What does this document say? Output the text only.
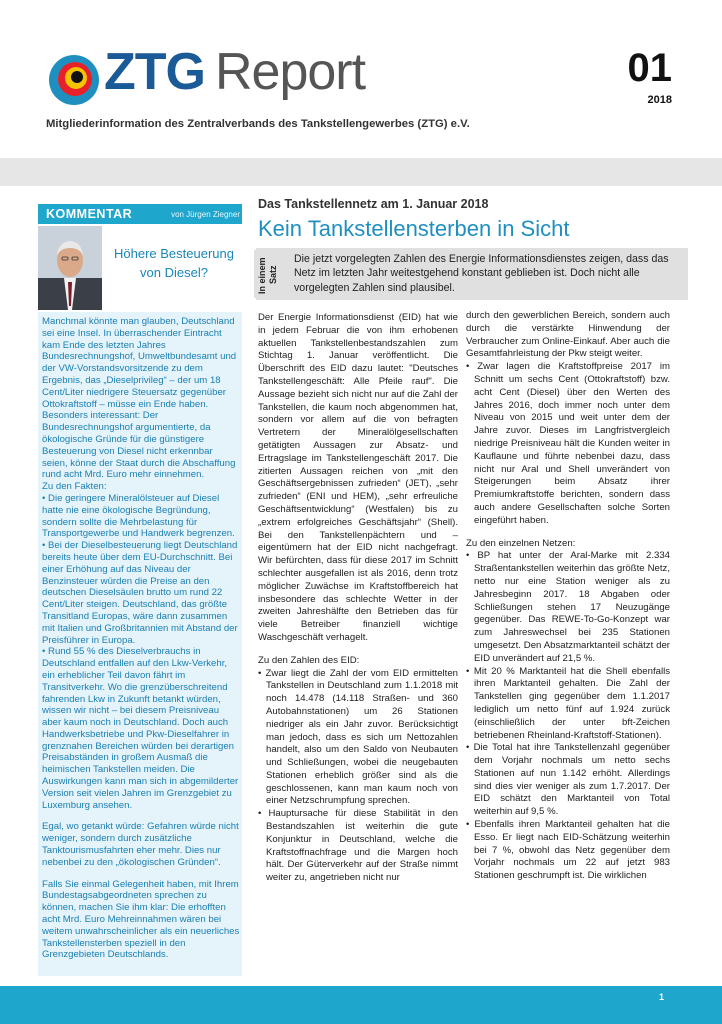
ZTG Report	01
2018
Mitgliederinformation des Zentralverbands des Tankstellengewerbes (ZTG) e.V.
KOMMENTAR	von Jürgen Ziegner
Höhere Besteuerung von Diesel?

Manchmal könnte man glauben, Deutschland sei eine Insel. In überraschender Eintracht kam Ende des letzten Jahres Bundesrechnungshof, Umweltbundesamt und der VW-Vorstandsvorsitzende zu dem Ergebnis, das „Dieselprivileg“ – der um 18 Cent/Liter niedrigere Steuersatz gegenüber Ottokraftstoff – müsse ein Ende haben. Besonders interessant: Der Bundesrechnungshof argumentierte, da ökologische Gründe für die günstigere Besteuerung von Diesel nicht erkennbar seien, könne der Staat durch die Abschaffung rund acht Mrd. Euro mehr einnehmen.

Zu den Fakten:

• Die geringere Mineralölsteuer auf Diesel hatte nie eine ökologische Begründung, sondern sollte die Mehrbelastung für Transportgewerbe und Handwerk begrenzen.

• Bei der Dieselbesteuerung liegt Deutschland bereits heute über dem EU-Durchschnitt. Bei einer Erhöhung auf das Niveau der Benzinsteuer würden die Preise an den deutschen Dieselsäulen brutto um rund 22 Cent/Liter steigen. Deutschland, das größte Transitland Europas, wäre dann zusammen mit Italien und Großbritannien mit Abstand der Preisführer in Europa.

• Rund 55 % des Dieselverbrauchs in Deutschland entfallen auf den Lkw-Verkehr, ein erheblicher Teil davon fährt im Transitverkehr. Wo die grenzüberschreitend fahrenden Lkw in Zukunft betankt würden, wissen wir nicht – bei diesem Preisniveau aber kaum noch in Deutschland. Doch auch Handwerksbetriebe und Pkw-Dieselfahrer in grenznahen Bereichen würden bei derartigen Preisabständen in großem Ausmaß die heimischen Tankstellen meiden. Die Auswirkungen kann man sich in abgemilderter Version seit vielen Jahren im Grenzgebiet zu Luxemburg ansehen.

Egal, wo getankt würde: Gefahren würde nicht weniger, sondern durch zusätzliche Tanktourismusfahrten eher mehr. Dies nur nebenbei zu den „ökologischen Gründen“.

Falls Sie einmal Gelegenheit haben, mit Ihrem Bundestagsabgeordneten sprechen zu können, machen Sie ihm klar: Die erhofften acht Mrd. Euro Mehreinnahmen wären bei weitem unwahrscheinlicher als ein neuerliches Tankstellensterben speziell in den Grenzgebieten Deutschlands.

Das Tankstellennetz am 1. Januar 2018
Kein Tankstellensterben in Sicht
In einem Satz
Die jetzt vorgelegten Zahlen des Energie Informationsdienstes zeigen, dass das Netz im letzten Jahr weitestgehend konstant geblieben ist. Doch nicht alle vorgelegten Zahlen sind plausibel.

Der Energie Informationsdienst (EID) hat wie in jedem Februar die von ihm erhobenen aktuellen Tankstellenbestandszahlen zum Stichtag 1. Januar veröffentlicht. Die Überschrift des EID dazu lautet: "Deutsches Tankstellengeschäft: Alle Pfeile rauf". Die Aussage bezieht sich nicht nur auf die Zahl der Tankstellen, die kaum noch abgenommen hat, sondern vor allem auf die von befragten Vertretern der Mineralölgesellschaften getätigten Aussagen zur Absatz- und Ertragslage im Tankstellengeschäft 2017. Die zitierten Aussagen reichen von „mit den Geschäftsergebnissen zufrieden“ (JET), „sehr zufrieden“ (ENI und HEM), „sehr erfreuliche Geschäftsentwicklung“ (Westfalen) bis zu „extrem erfolgreiches Geschäftsjahr“ (Shell). Bei den Tankstellenpächtern und –eigentümern hat der EID nicht nachgefragt. Wir befürchten, dass für diese 2017 im Schnitt schlechter ausgefallen ist als 2016, denn trotz möglicher Zuwächse im Kraftstoffbereich hat insbesondere das schlechte Wetter in der zweiten Jahreshälfte den Betrieben das für viele Betreiber finanziell wichtige Waschgeschäft verhagelt.

Zu den Zahlen des EID:

• Zwar liegt die Zahl der vom EID ermittelten Tankstellen in Deutschland zum 1.1.2018 mit noch 14.478 (14.118 Straßen- und 360 Autobahnstationen) um 26 Stationen niedriger als ein Jahr zuvor. Berücksichtigt man jedoch, dass es sich um Nettozahlen handelt, also um den Saldo von Neubauten und Schließungen, wobei die neugebauten Stationen erheblich größer sind als die geschlossenen, kann man kaum noch von einer Netzschrumpfung sprechen.

• Hauptursache für diese Stabilität in den Bestandszahlen ist weiterhin die gute Konjunktur in Deutschland, welche die Kraftstoffnachfrage und die Margen hoch hält. Der Güterverkehr auf der Straße nimmt weiter zu, angetrieben nicht nur

durch den gewerblichen Bereich, sondern auch durch die verstärkte Hinwendung der Verbraucher zum Online-Einkauf. Aber auch die Gesamtfahrleistung der Pkw steigt weiter.

• Zwar lagen die Kraftstoffpreise 2017 im Schnitt um sechs Cent (Ottokraftstoff) bzw. acht Cent (Diesel) über den Werten des Jahres 2016, doch immer noch unter dem Niveau von 2015 und weit unter dem der Jahre zuvor. Dieses im Langfristvergleich niedrige Preisniveau hält die Kunden weiter in Kauflaune und führte nebenbei dazu, dass nicht nur Aral und Shell unverändert von Steigerungen beim Absatz ihrer Premiumkraftstoffe berichten, sondern dass auch andere Gesellschaften solche Sorten eingeführt haben.

Zu den einzelnen Netzen:

• BP hat unter der Aral-Marke mit 2.334 Straßentankstellen weiterhin das größte Netz, netto nur eine Station weniger als zu Jahresbeginn 2017. 18 Abgaben oder Schließungen stehen 17 Neuzugänge gegenüber. Das REWE-To-Go-Konzept war zum Jahreswechsel bei 235 Stationen umgesetzt. Den Absatzmarktanteil schätzt der EID unverändert auf 21,5 %.

• Mit 20 % Marktanteil hat die Shell ebenfalls ihren Marktanteil gehalten. Die Zahl der Tankstellen ging gegenüber dem 1.1.2017 lediglich um netto fünf auf 1.924 zurück (einschließlich der unter bft-Zeichen betriebenen Rheinland-Kraftstoff-Stationen).

• Die Total hat ihre Tankstellenzahl gegenüber dem Vorjahr nochmals um netto sechs Stationen auf nun 1.142 erhöht. Allerdings sind dies vier weniger als zum 1.7.2017. Der EID schätzt den Marktanteil von Total weiterhin auf 9,5 %.

• Ebenfalls ihren Marktanteil gehalten hat die Esso. Er liegt nach EID-Schätzung weiterhin bei 7 %, obwohl das Netz gegenüber dem Vorjahr nochmals um 22 auf jetzt 983 Stationen geschrumpft ist. Die wirklichen

1
